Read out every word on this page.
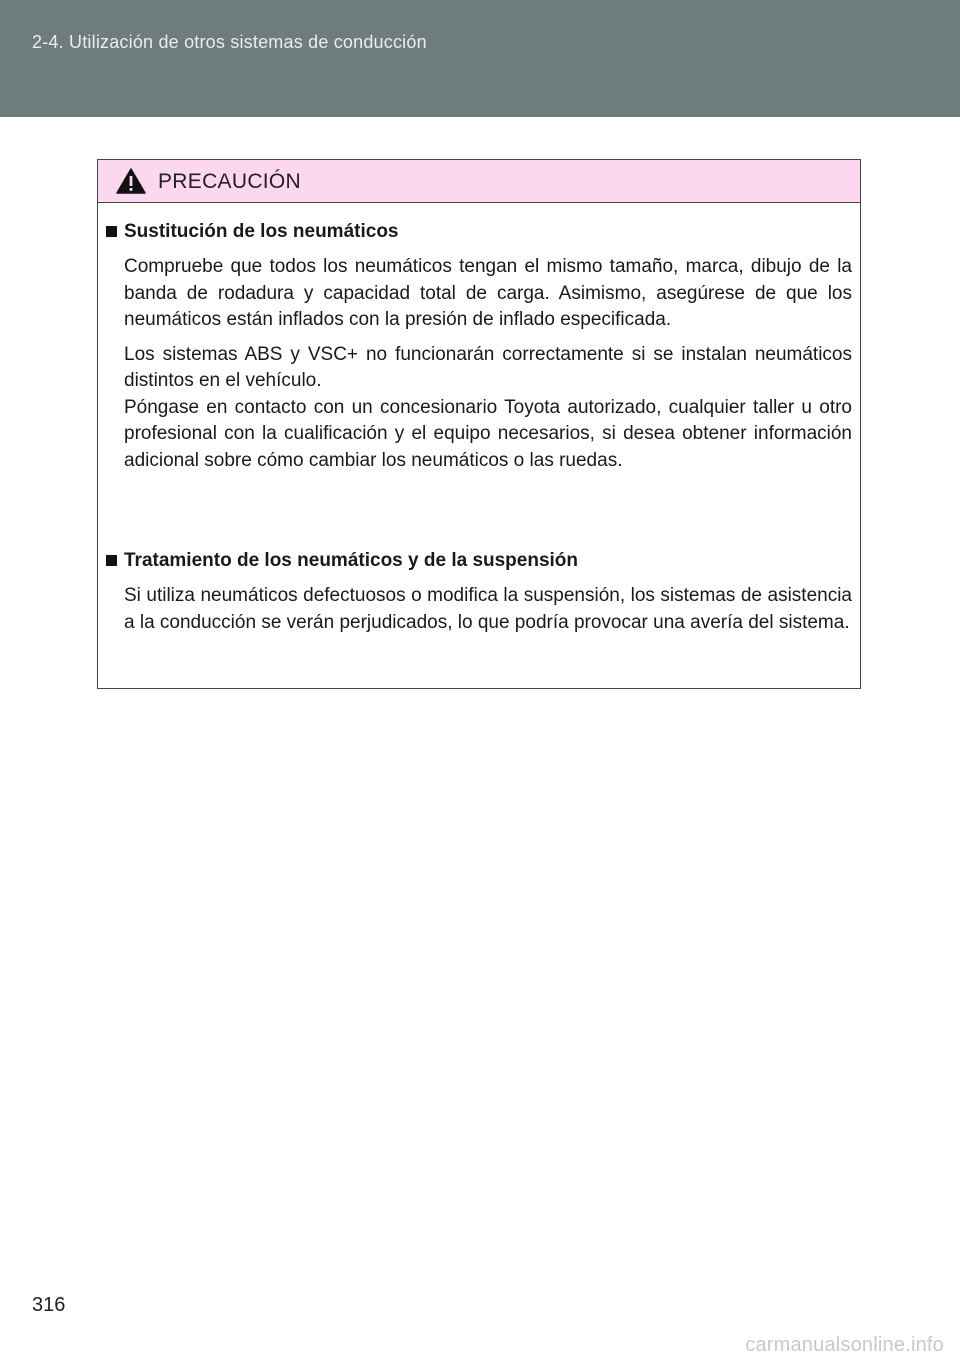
2-4. Utilización de otros sistemas de conducción
PRECAUCIÓN
Sustitución de los neumáticos
Compruebe que todos los neumáticos tengan el mismo tamaño, marca, dibujo de la banda de rodadura y capacidad total de carga. Asimismo, asegúrese de que los neumáticos están inflados con la presión de inflado especificada.
Los sistemas ABS y VSC+ no funcionarán correctamente si se instalan neumáticos distintos en el vehículo.
Póngase en contacto con un concesionario Toyota autorizado, cualquier taller u otro profesional con la cualificación y el equipo necesarios, si desea obtener información adicional sobre cómo cambiar los neumáticos o las ruedas.
Tratamiento de los neumáticos y de la suspensión
Si utiliza neumáticos defectuosos o modifica la suspensión, los sistemas de asistencia a la conducción se verán perjudicados, lo que podría provocar una avería del sistema.
316
carmanualsonline.info
